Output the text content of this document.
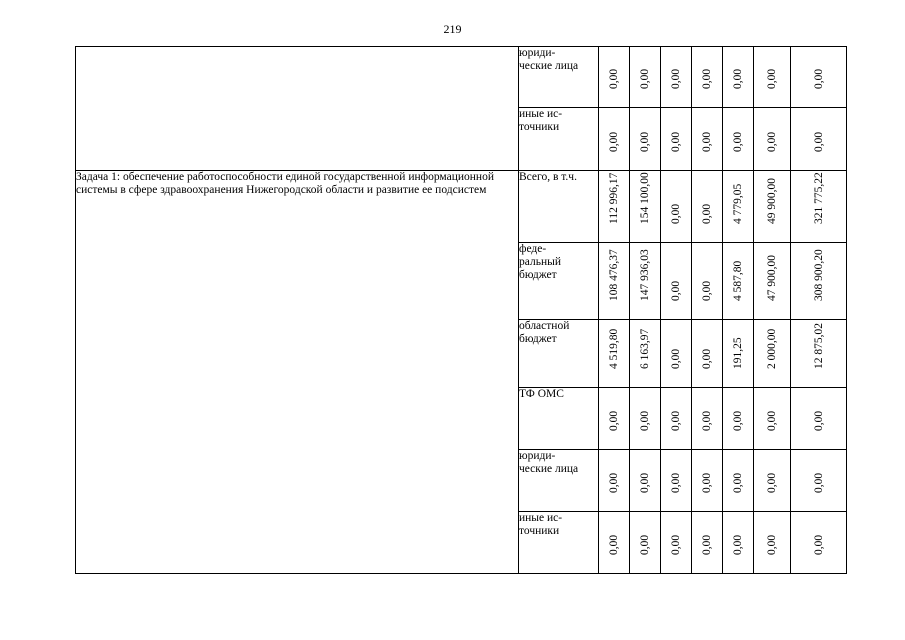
219
	юриди-
ческие лица	0,00	0,00	0,00	0,00	0,00	0,00	0,00

	иные ис-
точники	0,00	0,00	0,00	0,00	0,00	0,00	0,00

Задача 1: обеспечение работоспособности единой государственной информационной системы в сфере здравоохранения Нижегородской области и развитие ее подсистем	Всего, в т.ч.	112 996,17	154 100,00	0,00	0,00	4 779,05	49 900,00	321 775,22

	феде-
ральный
бюджет	108 476,37	147 936,03	0,00	0,00	4 587,80	47 900,00	308 900,20

	областной
бюджет	4 519,80	6 163,97	0,00	0,00	191,25	2 000,00	12 875,02

	ТФ ОМС	0,00	0,00	0,00	0,00	0,00	0,00	0,00

	юриди-
ческие лица	0,00	0,00	0,00	0,00	0,00	0,00	0,00

	иные ис-
точники	0,00	0,00	0,00	0,00	0,00	0,00	0,00
